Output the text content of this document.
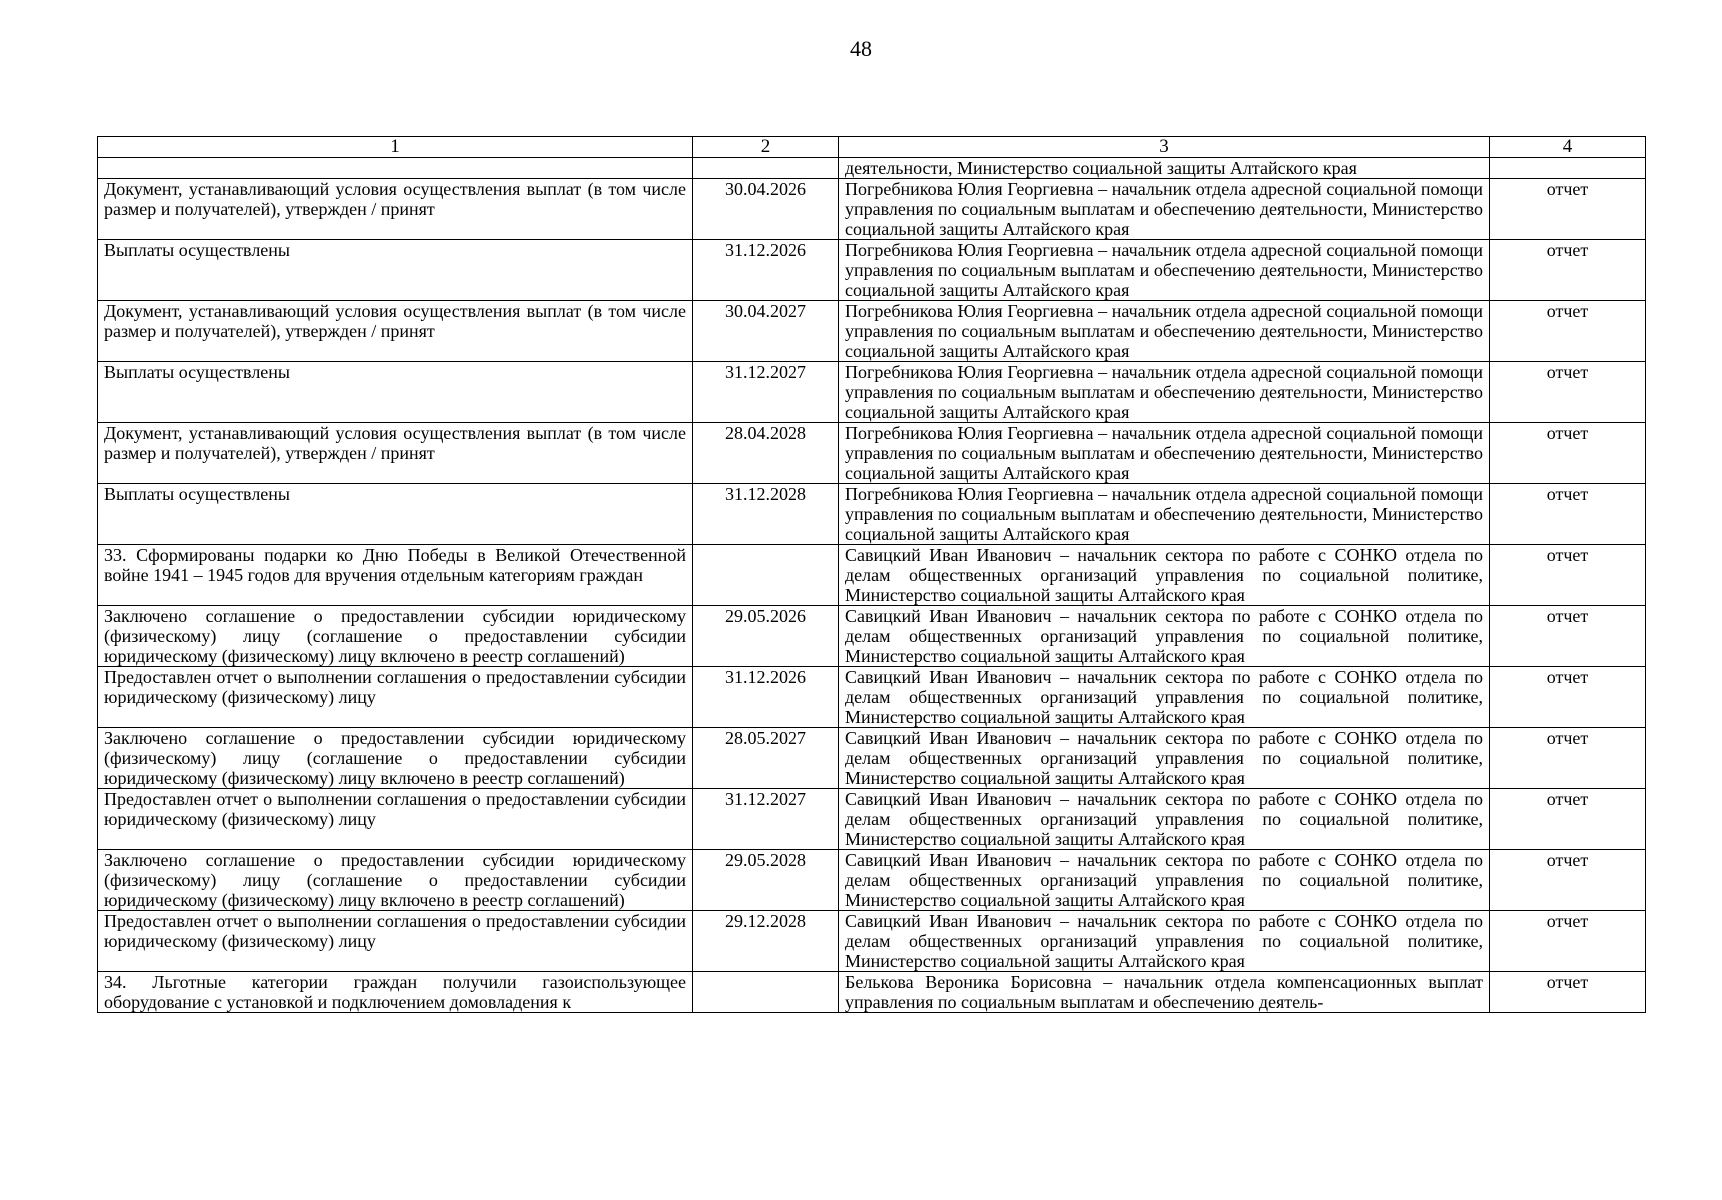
48
1	2	3	4
		деятельности, Министерство социальной защиты Алтайского края	
Документ, устанавливающий условия осуществления выплат (в том числе размер и получателей), утвержден / принят	30.04.2026	Погребникова Юлия Георгиевна – начальник отдела адресной социальной помощи управления по социальным выплатам и обеспечению деятельности, Министерство социальной защиты Алтайского края	отчет
Выплаты осуществлены	31.12.2026	Погребникова Юлия Георгиевна – начальник отдела адресной социальной помощи управления по социальным выплатам и обеспечению деятельности, Министерство социальной защиты Алтайского края	отчет
Документ, устанавливающий условия осуществления выплат (в том числе размер и получателей), утвержден / принят	30.04.2027	Погребникова Юлия Георгиевна – начальник отдела адресной социальной помощи управления по социальным выплатам и обеспечению деятельности, Министерство социальной защиты Алтайского края	отчет
Выплаты осуществлены	31.12.2027	Погребникова Юлия Георгиевна – начальник отдела адресной социальной помощи управления по социальным выплатам и обеспечению деятельности, Министерство социальной защиты Алтайского края	отчет
Документ, устанавливающий условия осуществления выплат (в том числе размер и получателей), утвержден / принят	28.04.2028	Погребникова Юлия Георгиевна – начальник отдела адресной социальной помощи управления по социальным выплатам и обеспечению деятельности, Министерство социальной защиты Алтайского края	отчет
Выплаты осуществлены	31.12.2028	Погребникова Юлия Георгиевна – начальник отдела адресной социальной помощи управления по социальным выплатам и обеспечению деятельности, Министерство социальной защиты Алтайского края	отчет
33. Сформированы подарки ко Дню Победы в Великой Отечественной войне 1941 – 1945 годов для вручения отдельным категориям граждан		Савицкий Иван Иванович – начальник сектора по работе с СОНКО отдела по делам общественных организаций управления по социальной политике, Министерство социальной защиты Алтайского края	отчет
Заключено соглашение о предоставлении субсидии юридическому (физическому) лицу (соглашение о предоставлении субсидии юридическому (физическому) лицу включено в реестр соглашений)	29.05.2026	Савицкий Иван Иванович – начальник сектора по работе с СОНКО отдела по делам общественных организаций управления по социальной политике, Министерство социальной защиты Алтайского края	отчет
Предоставлен отчет о выполнении соглашения о предоставлении субсидии юридическому (физическому) лицу	31.12.2026	Савицкий Иван Иванович – начальник сектора по работе с СОНКО отдела по делам общественных организаций управления по социальной политике, Министерство социальной защиты Алтайского края	отчет
Заключено соглашение о предоставлении субсидии юридическому (физическому) лицу (соглашение о предоставлении субсидии юридическому (физическому) лицу включено в реестр соглашений)	28.05.2027	Савицкий Иван Иванович – начальник сектора по работе с СОНКО отдела по делам общественных организаций управления по социальной политике, Министерство социальной защиты Алтайского края	отчет
Предоставлен отчет о выполнении соглашения о предоставлении субсидии юридическому (физическому) лицу	31.12.2027	Савицкий Иван Иванович – начальник сектора по работе с СОНКО отдела по делам общественных организаций управления по социальной политике, Министерство социальной защиты Алтайского края	отчет
Заключено соглашение о предоставлении субсидии юридическому (физическому) лицу (соглашение о предоставлении субсидии юридическому (физическому) лицу включено в реестр соглашений)	29.05.2028	Савицкий Иван Иванович – начальник сектора по работе с СОНКО отдела по делам общественных организаций управления по социальной политике, Министерство социальной защиты Алтайского края	отчет
Предоставлен отчет о выполнении соглашения о предоставлении субсидии юридическому (физическому) лицу	29.12.2028	Савицкий Иван Иванович – начальник сектора по работе с СОНКО отдела по делам общественных организаций управления по социальной политике, Министерство социальной защиты Алтайского края	отчет
34. Льготные категории граждан получили газоиспользующее оборудование с установкой и подключением домовладения к		Белькова Вероника Борисовна – начальник отдела компенсационных выплат управления по социальным выплатам и обеспечению деятель-	отчет
